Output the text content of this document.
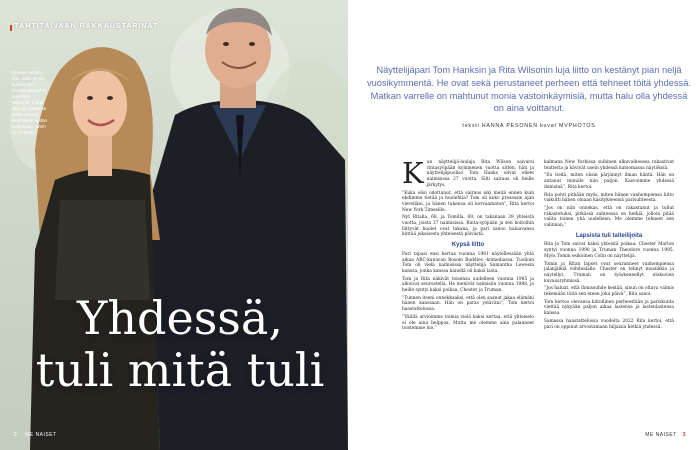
TÄHTITAIVAAN RAKKAUSTARINAT
Kolmen lähden titin. Joku piensi kuinka Tom Hankin parunerin kuin Rita Wilsonin, mutta Rita on mielensä pelko seenet sinkoilevat teidän inspirvaan. Wish of Famoste
Yhdessä,
tuli mitä tuli
2 ME NAISET
Näyttelijäpari Tom Hanksin ja Rita Wilsonin luja liitto on kestänyt pian neljä vuosikymmentä. He ovat sekä perustaneet perheen että tehneet töitä yhdessä. Matkan varrelle on mahtunut monia vastoinkäymisiä, mutta halu olla yhdessä on aina voittanut.
teksti HANNA PESONEN kuvat MVPHOTOS

Kun näyttelijä-laulaja Rita Wilson saivarsi rintasyöpään kymmenen vuotta sitten, hän ja näyttelijäpuoliso Tom Hanks olivat olleet naimisissa 27 vuotta. Silti sairaus oli heille järkytys.

”Kuka olisi odottanut, että sairaus iski meitä ennen kuin ehdimme tietää ja huolehtia? Tom oli koko prosessin ajan vierelläni, ja hänen tukensa oli korvaamaton”, Rita kertoi New York Timesille.

Nyt Ritalla, 68, ja Tomilla, 69, on takanaan 39 yhteistä vuotta, joista 37 naimisissa. Rinta-syöpään ja sen hoitoihin liittyvät huolet ovat takana, ja pari sanoo haluavansa kiittää jokaisesta yhteisestä päivästä.

Kypsä liitto

Pari tapasi ensi kertaa vuonna 1981 näytellessään yhtä aikaa ABC-kanavan Bosom Buddies -komediassa. Tuolloin Tom oli vielä naimisissa näyttelijä Samantha Lewesin kanssa, jonka kanssa hänellä oli kaksi lasta.

Tom ja Rita näkivät toisensa uudelleen vuonna 1985 ja alkoivat seurustella. He menivät naimisiin vuonna 1988, ja heille syntyi kaksi poikaa, Chester ja Truman.

”Tunnen itseni onnekkaaksi, että olen saanut jakaa elämäni hänen kanssaan. Hän on paras ystäväni”, Tom kertoi haastattelussa.

”Välillä arvioimme toimia vielä kaksi kertaa, että yhteiselo ei ole aina helppoa. Mutta me olemme aina palanneet toistemme luo.”

kalmana New Yorkissa suihinen alkuvaiheessa rakastivat teatteria ja kävivät usein yhdessä katsomassa näytöksiä.

”En tiedä, miten olisin pärjännyt ilman häntä. Hän on antanut minulle niin paljon. Kasvoimme yhdessä ihmisinä”, Rita kertoi.

Rita pohti pitkään myös, miten hänen vanhempiensa liitto vaikutti hänen omaan käsitykseensä parisuhteesta.

”Jos on niin onnekas, että on rakastanut ja tullut rakastetuksi, pitkässä suhteessa on hetkiä, jolloin pitää valita toinen yhä uudelleen. Me olemme tehneet sen valinnan.”

Lapsista tuli taiteilijoita

Rita ja Tom saivat kaksi yhteistä poikaa: Chester Marlon syntyi vuonna 1990 ja Truman Theodore vuonna 1995. Myös Tomin esikoinen Colin on näyttelijä.

Tomin ja Ritan lapset ovat seuranneet vanhempiensa jalanjälkiä viihdealalle. Chester on tehnyt musiikkia ja näytellyt, Truman on työskennellyt elokuvien kuvausryhmissä.

”Jos haluat, että ihmissuhde kestää, sinun on oltava valmis tekemään töitä sen eteen joka päivä”, Rita sanoi.

Tom kertoo olevansa kiitollinen perheestään ja pariskunta viettää nykyään paljon aikaa lastensa ja lastenlastensa kanssa.

Samassa haastattelussa vuodelta 2022 Rita kertoi, että pari on oppinut arvostamaan hiljaisia hetkiä yhdessä.

ME NAISET 3
